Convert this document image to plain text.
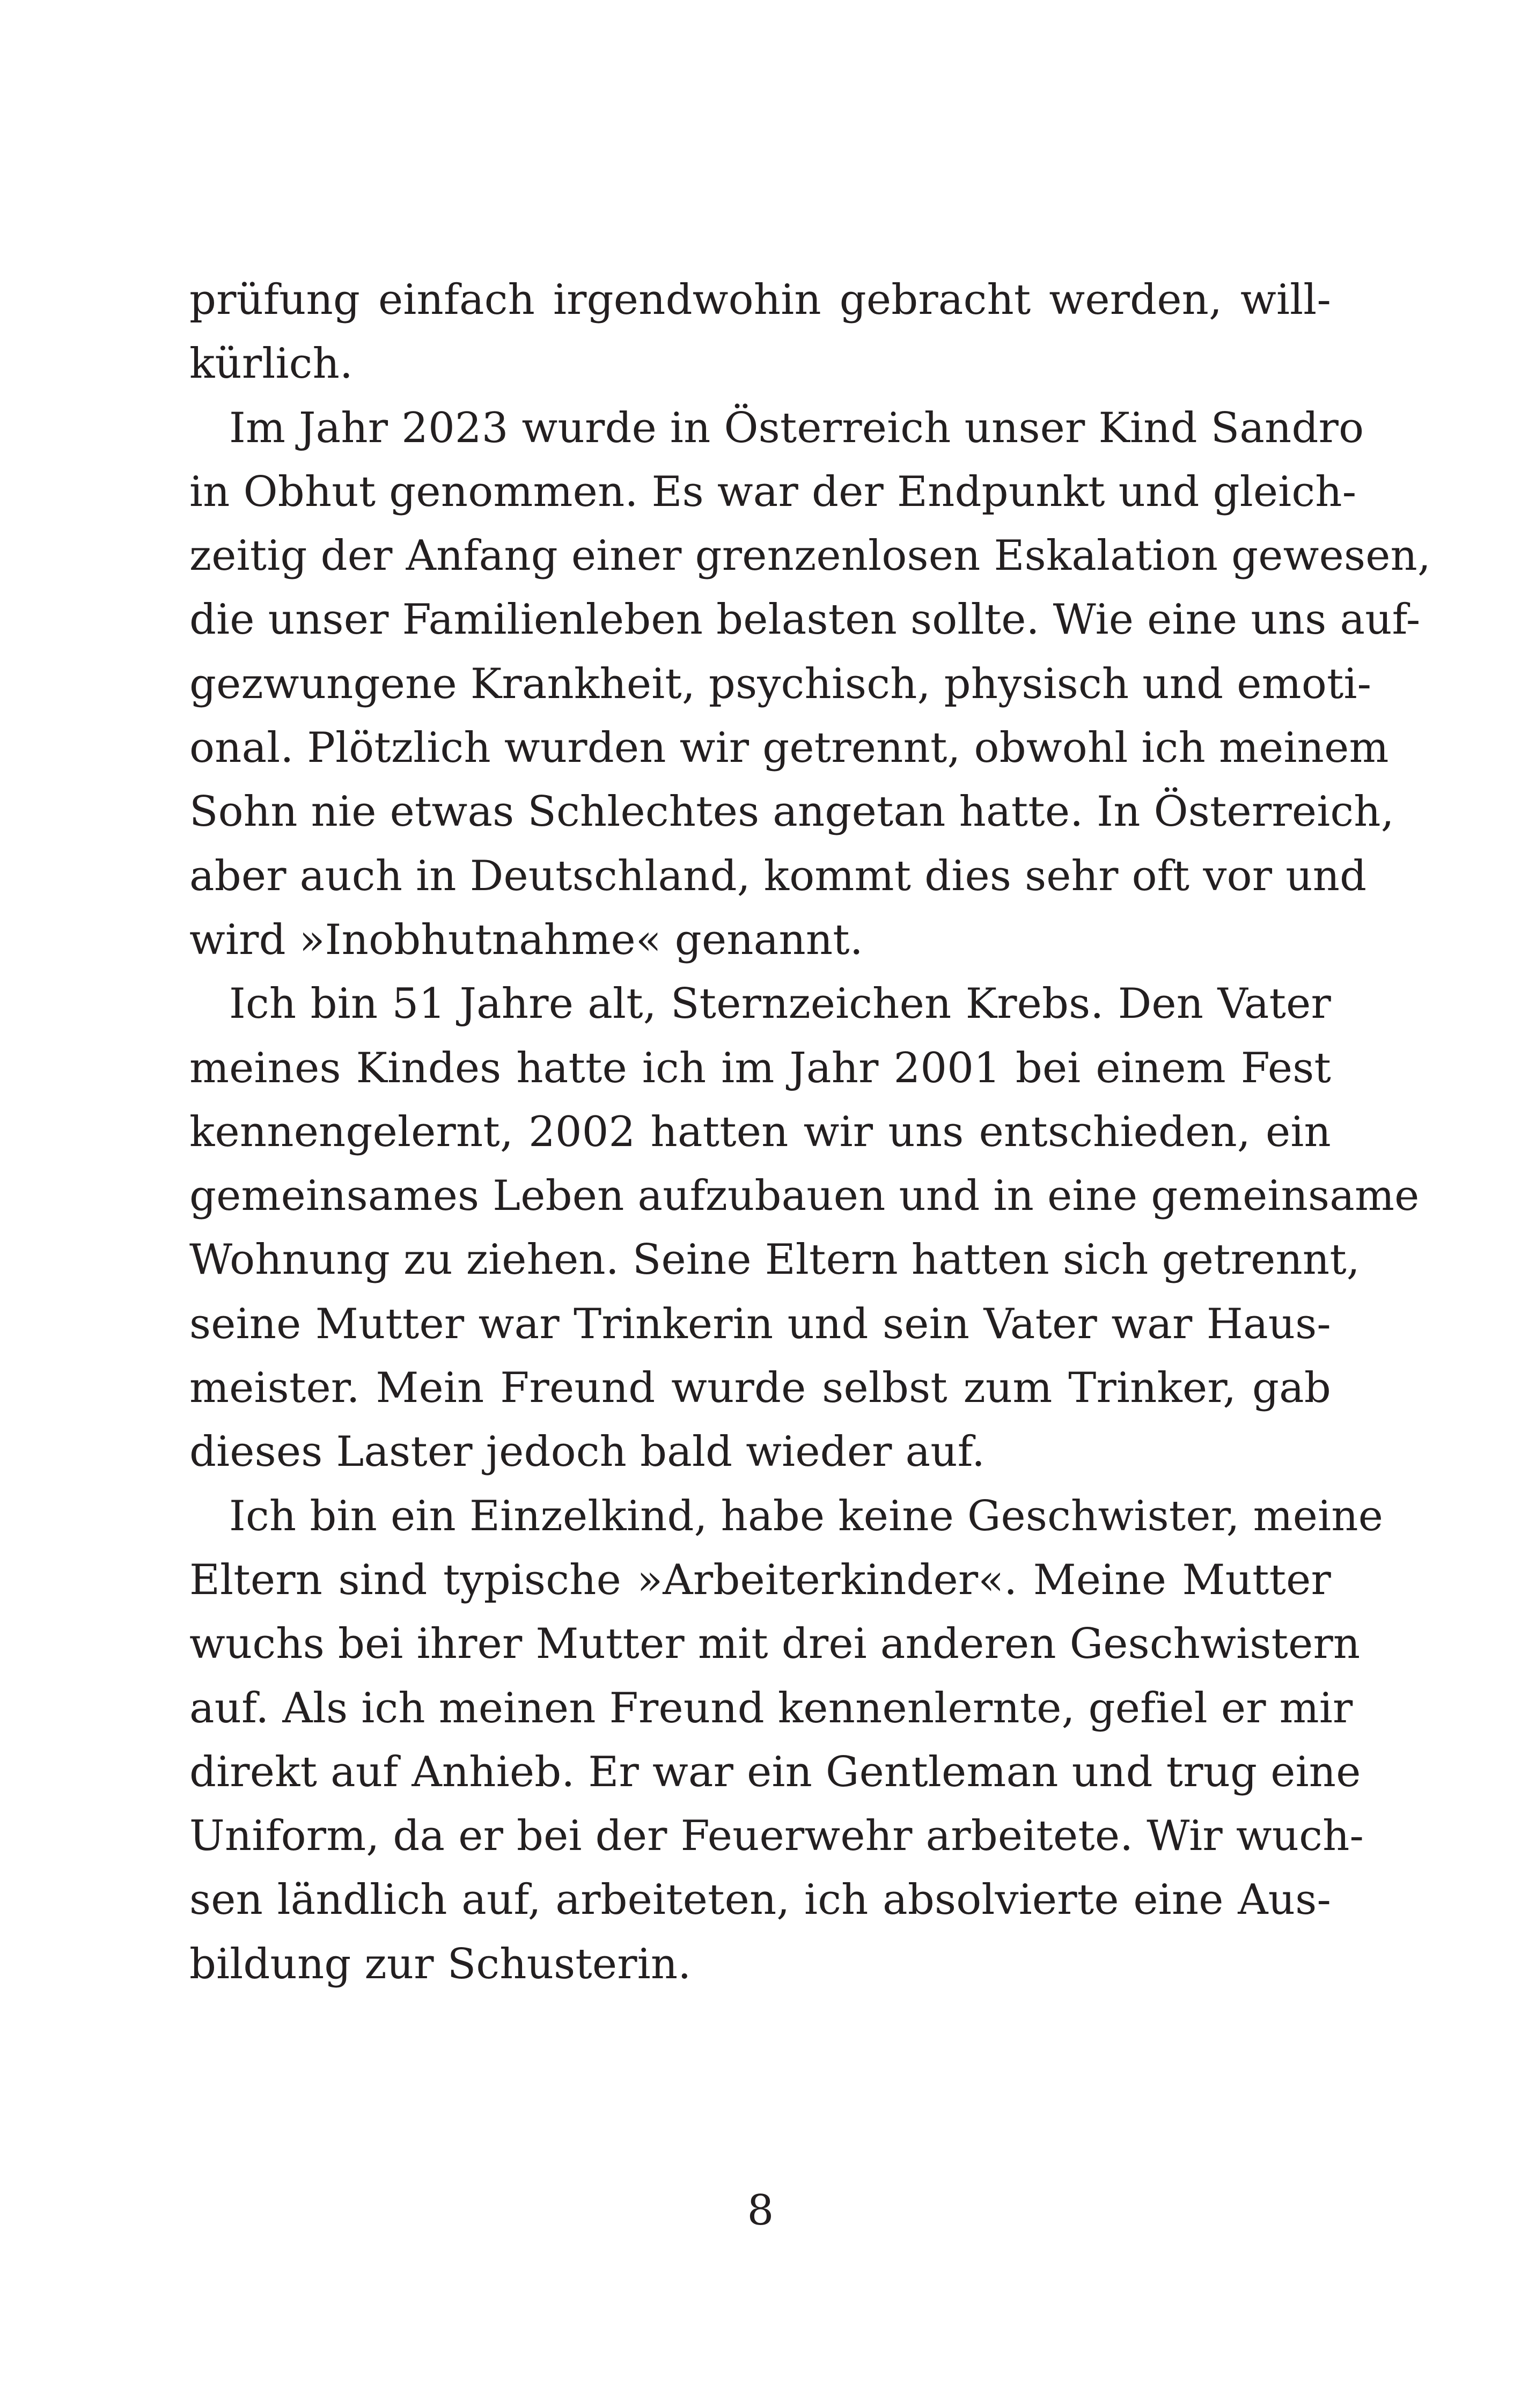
prüfung einfach irgendwohin gebracht werden, will-
kürlich.
Im Jahr 2023 wurde in Österreich unser Kind Sandro
in Obhut genommen. Es war der Endpunkt und gleich-
zeitig der Anfang einer grenzenlosen Eskalation gewesen,
die unser Familienleben belasten sollte. Wie eine uns auf-
gezwungene Krankheit, psychisch, physisch und emoti-
onal. Plötzlich wurden wir getrennt, obwohl ich meinem
Sohn nie etwas Schlechtes angetan hatte. In Österreich,
aber auch in Deutschland, kommt dies sehr oft vor und
wird »Inobhutnahme« genannt.
Ich bin 51 Jahre alt, Sternzeichen Krebs. Den Vater
meines Kindes hatte ich im Jahr 2001 bei einem Fest
kennengelernt, 2002 hatten wir uns entschieden, ein
gemeinsames Leben aufzubauen und in eine gemeinsame
Wohnung zu ziehen. Seine Eltern hatten sich getrennt,
seine Mutter war Trinkerin und sein Vater war Haus-
meister. Mein Freund wurde selbst zum Trinker, gab
dieses Laster jedoch bald wieder auf.
Ich bin ein Einzelkind, habe keine Geschwister, meine
Eltern sind typische »Arbeiterkinder«. Meine Mutter
wuchs bei ihrer Mutter mit drei anderen Geschwistern
auf. Als ich meinen Freund kennenlernte, gefiel er mir
direkt auf Anhieb. Er war ein Gentleman und trug eine
Uniform, da er bei der Feuerwehr arbeitete. Wir wuch-
sen ländlich auf, arbeiteten, ich absolvierte eine Aus-
bildung zur Schusterin.
8
